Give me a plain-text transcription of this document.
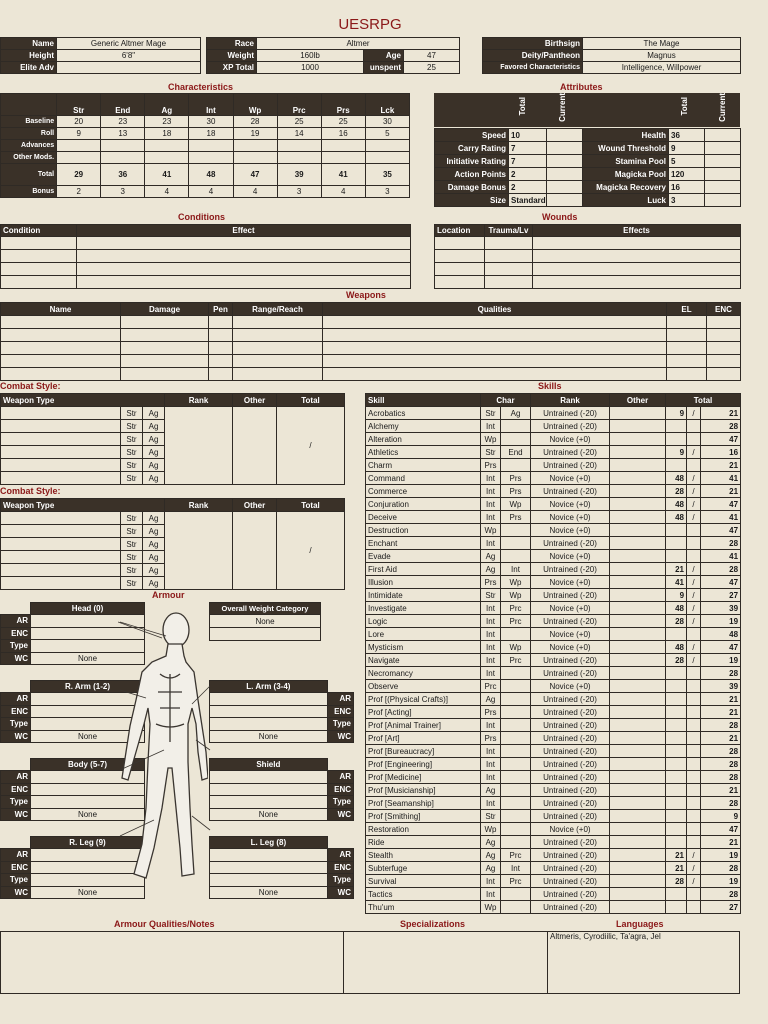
UESRPG
Name	Generic Altmer Mage
Height	6'8"
Elite Adv	
Race	Altmer		
Weight	160lb	Age	47
XP Total	1000	unspent	25
Birthsign	The Mage
Deity/Pantheon	Magnus
Favored Characteristics	Intelligence, Willpower
Characteristics
	Str	End	Ag	Int	Wp	Prc	Prs	Lck
Baseline	20	23	23	30	28	25	25	30
Roll	9	13	18	18	19	14	16	5
Advances								
Other Mods.								
Total	29	36	41	48	47	39	41	35
Bonus	2	3	4	4	4	3	4	3
Attributes
Total	Current	Total	Current
Speed	10		Health	36	
Carry Rating	7		Wound Threshold	9	
Initiative Rating	7		Stamina Pool	5	
Action Points	2		Magicka Pool	120	
Damage Bonus	2		Magicka Recovery	16	
Size	Standard		Luck	3	
Conditions
Condition	Effect

Wounds
Location	Trauma/Lv	Effects

Weapons
Name	Damage	Pen	Range/Reach	Qualities	EL	ENC

Combat Style:
Weapon Type			Rank	Other	Total
	Str	Ag			/
	Str	Ag			
	Str	Ag			
	Str	Ag			
	Str	Ag			
	Str	Ag			
Combat Style:
Weapon Type			Rank	Other	Total
	Str	Ag			/
	Str	Ag			
	Str	Ag			
	Str	Ag			
	Str	Ag			
	Str	Ag			
Skills
Skill	Char		Rank	Other	Total		
Acrobatics	Str	Ag	Untrained (-20)		9	/	21
Alchemy	Int		Untrained (-20)				28
Alteration	Wp		Novice (+0)				47
Athletics	Str	End	Untrained (-20)		9	/	16
Charm	Prs		Untrained (-20)				21
Command	Int	Prs	Novice (+0)		48	/	41
Commerce	Int	Prs	Untrained (-20)		28	/	21
Conjuration	Int	Wp	Novice (+0)		48	/	47
Deceive	Int	Prs	Novice (+0)		48	/	41
Destruction	Wp		Novice (+0)				47
Enchant	Int		Untrained (-20)				28
Evade	Ag		Novice (+0)				41
First Aid	Ag	Int	Untrained (-20)		21	/	28
Illusion	Prs	Wp	Novice (+0)		41	/	47
Intimidate	Str	Wp	Untrained (-20)		9	/	27
Investigate	Int	Prc	Novice (+0)		48	/	39
Logic	Int	Prc	Untrained (-20)		28	/	19
Lore	Int		Novice (+0)				48
Mysticism	Int	Wp	Novice (+0)		48	/	47
Navigate	Int	Prc	Untrained (-20)		28	/	19
Necromancy	Int		Untrained (-20)				28
Observe	Prc		Novice (+0)				39
Prof [(Physical Crafts)]	Ag		Untrained (-20)				21
Prof [Acting]	Prs		Untrained (-20)				21
Prof [Animal Trainer]	Int		Untrained (-20)				28
Prof [Art]	Prs		Untrained (-20)				21
Prof [Bureaucracy]	Int		Untrained (-20)				28
Prof [Engineering]	Int		Untrained (-20)				28
Prof [Medicine]	Int		Untrained (-20)				28
Prof [Musicianship]	Ag		Untrained (-20)				21
Prof [Seamanship]	Int		Untrained (-20)				28
Prof [Smithing]	Str		Untrained (-20)				9
Restoration	Wp		Novice (+0)				47
Ride	Ag		Untrained (-20)				21
Stealth	Ag	Prc	Untrained (-20)		21	/	19
Subterfuge	Ag	Int	Untrained (-20)		21	/	28
Survival	Int	Prc	Untrained (-20)		28	/	19
Tactics	Int		Untrained (-20)				28
Thu'um	Wp		Untrained (-20)				27
Armour
	Head (0)
AR	
ENC	
Type	
WC	None
	R. Arm (1-2)
AR	
ENC	
Type	
WC	None
L. Arm (3-4)	
	AR
	ENC
	Type
None	WC
	Body (5-7)
AR	
ENC	
Type	
WC	None
Shield	
	AR
	ENC
	Type
None	WC
	R. Leg (9)
AR	
ENC	
Type	
WC	None
L. Leg (8)	
	AR
	ENC
	Type
None	WC
Overall Weight Category
None

Armour Qualities/Notes	Specializations	Languages
Altmeris, Cyrodiilic, Ta'agra, Jel
